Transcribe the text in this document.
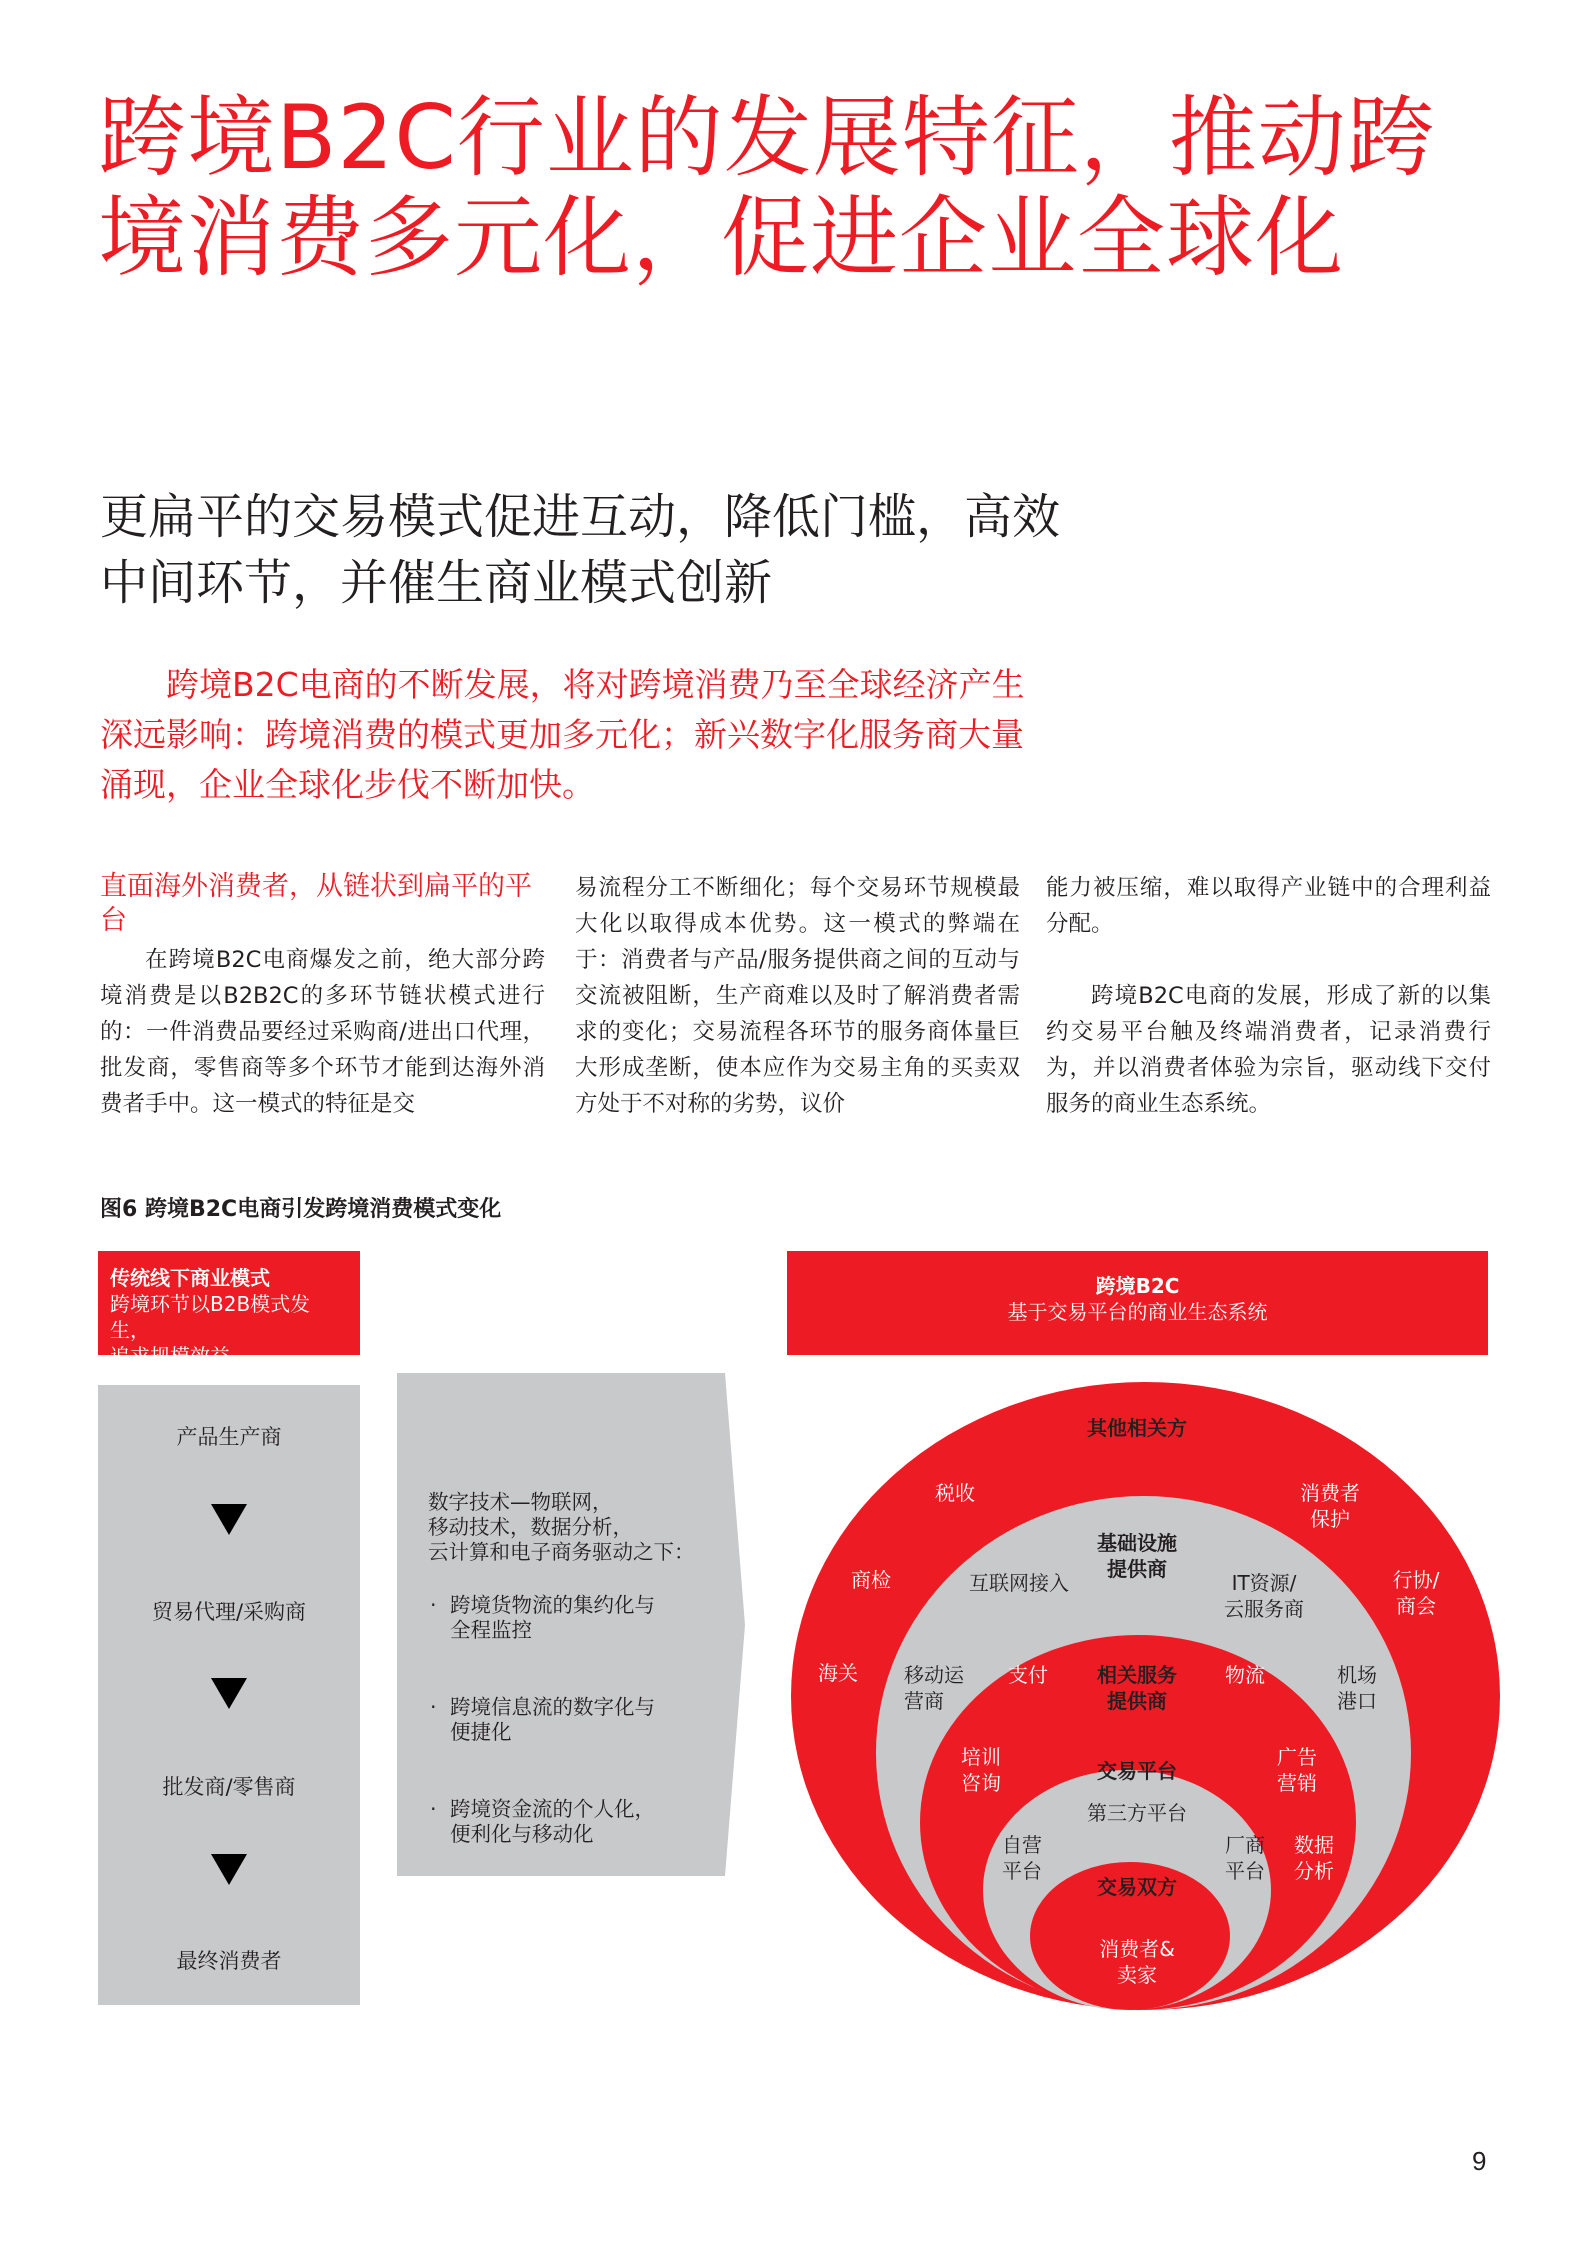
跨境B2C行业的发展特征，推动跨境消费多元化，促进企业全球化
更扁平的交易模式促进互动，降低门槛，高效中间环节，并催生商业模式创新
跨境B2C电商的不断发展，将对跨境消费乃至全球经济产生深远影响：跨境消费的模式更加多元化；新兴数字化服务商大量涌现，企业全球化步伐不断加快。
直面海外消费者，从链状到扁平的平台

在跨境B2C电商爆发之前，绝大部分跨境消费是以B2B2C的多环节链状模式进行的：一件消费品要经过采购商/进出口代理，批发商，零售商等多个环节才能到达海外消费者手中。这一模式的特征是交

易流程分工不断细化；每个交易环节规模最大化以取得成本优势。这一模式的弊端在于：消费者与产品/服务提供商之间的互动与交流被阻断，生产商难以及时了解消费者需求的变化；交易流程各环节的服务商体量巨大形成垄断，使本应作为交易主角的买卖双方处于不对称的劣势，议价

能力被压缩，难以取得产业链中的合理利益分配。

跨境B2C电商的发展，形成了新的以集约交易平台触及终端消费者，记录消费行为，并以消费者体验为宗旨，驱动线下交付服务的商业生态系统。

图6 跨境B2C电商引发跨境消费模式变化
传统线下商业模式
跨境环节以B2B模式发生，
追求规模效益
跨境B2C
基于交易平台的商业生态系统
产品生产商
贸易代理/采购商
批发商/零售商
最终消费者
数字技术—物联网，
移动技术，数据分析，
云计算和电子商务驱动之下：
· 跨境货物流的集约化与
全程监控
· 跨境信息流的数字化与
便捷化
· 跨境资金流的个人化，
便利化与移动化
其他相关方
税收	消费者保护
商检	行协/商会
海关
基础设施
提供商
互联网接入	IT资源/
云服务商
移动运
营商
机场
港口
支付 相关服务
提供商
物流
培训
咨询
广告
营销
数据
分析
交易平台
第三方平台
自营
平台
厂商
平台
交易双方
消费者&
卖家
9
